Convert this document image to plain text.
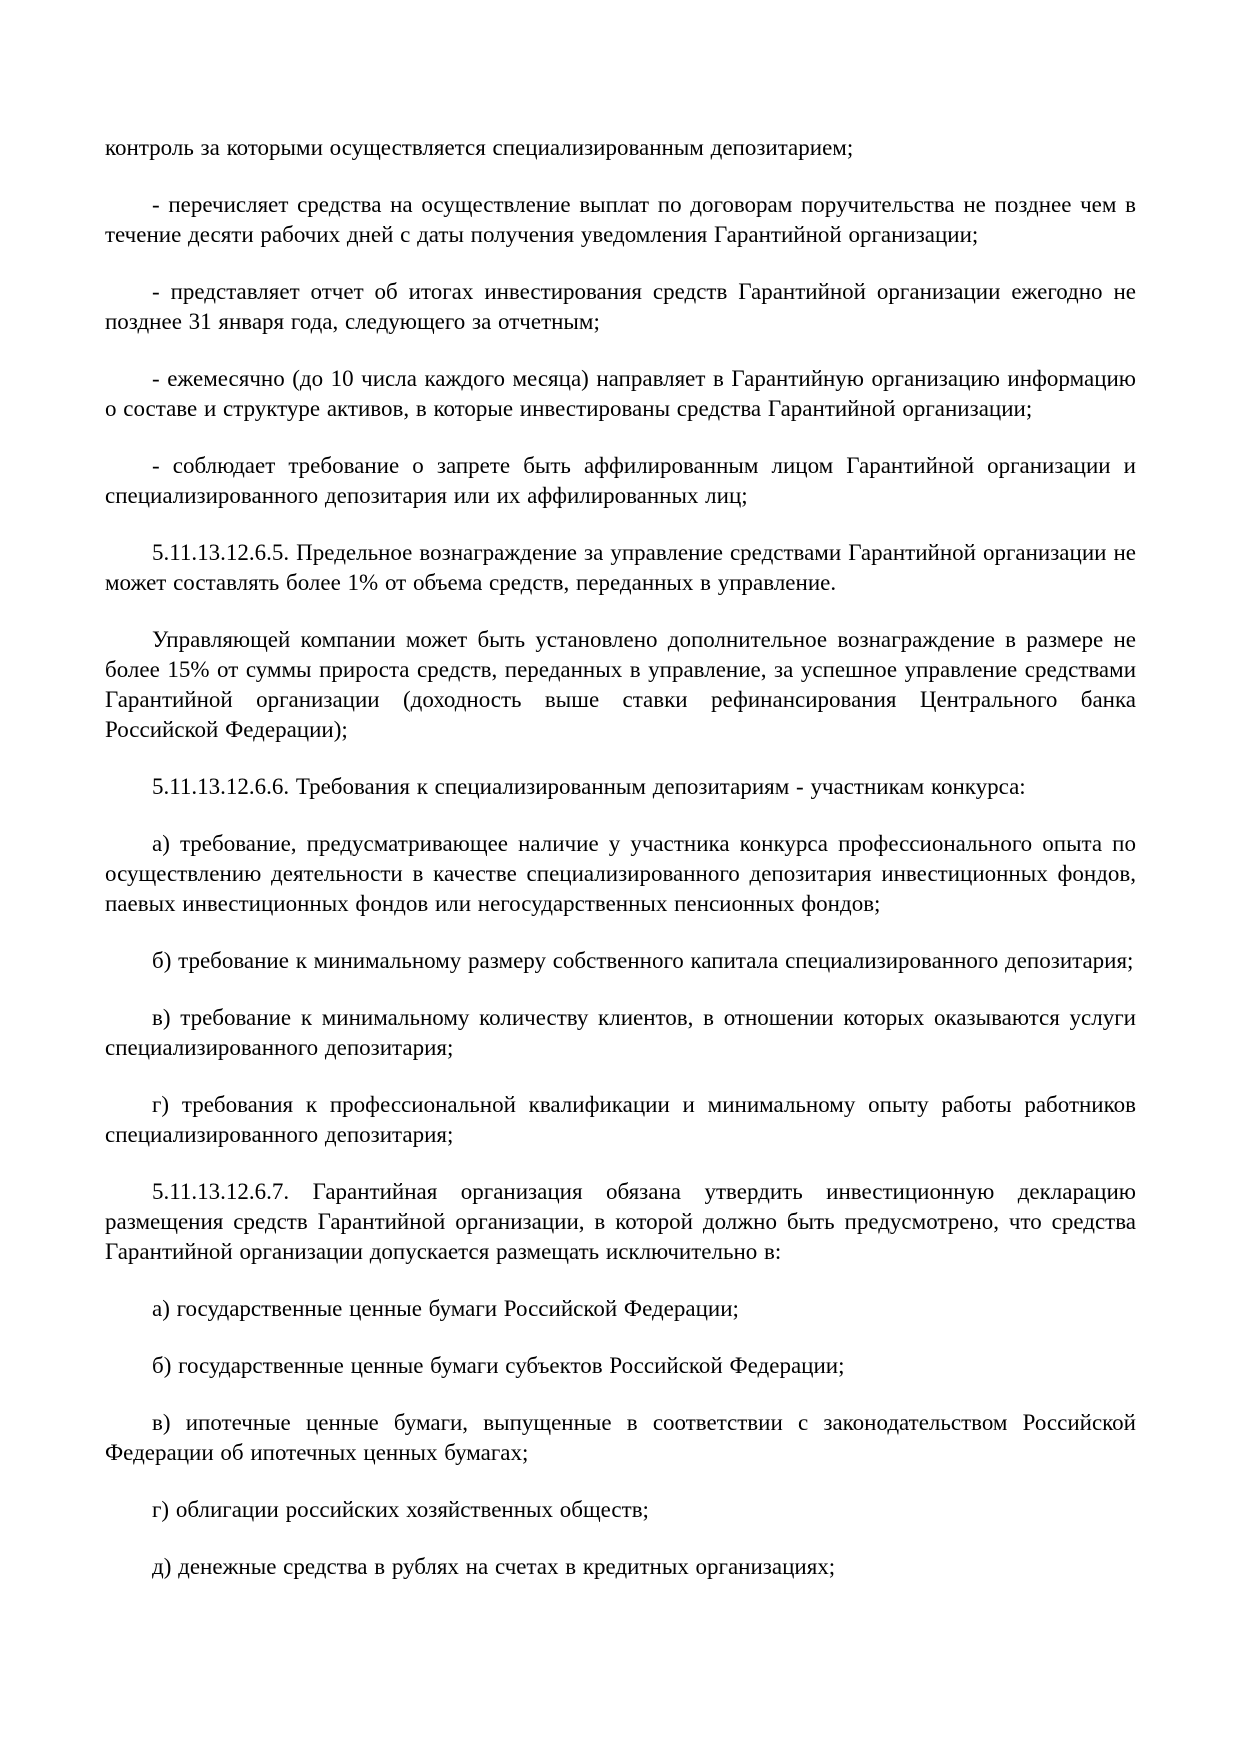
контроль за которыми осуществляется специализированным депозитарием;

- перечисляет средства на осуществление выплат по договорам поручительства не позднее чем в течение десяти рабочих дней с даты получения уведомления Гарантийной организации;

- представляет отчет об итогах инвестирования средств Гарантийной организации ежегодно не позднее 31 января года, следующего за отчетным;

- ежемесячно (до 10 числа каждого месяца) направляет в Гарантийную организацию информацию о составе и структуре активов, в которые инвестированы средства Гарантийной организации;

- соблюдает требование о запрете быть аффилированным лицом Гарантийной организации и специализированного депозитария или их аффилированных лиц;

5.11.13.12.6.5. Предельное вознаграждение за управление средствами Гарантийной организации не может составлять более 1% от объема средств, переданных в управление.

Управляющей компании может быть установлено дополнительное вознаграждение в размере не более 15% от суммы прироста средств, переданных в управление, за успешное управление средствами Гарантийной организации (доходность выше ставки рефинансирования Центрального банка Российской Федерации);

5.11.13.12.6.6. Требования к специализированным депозитариям - участникам конкурса:

а) требование, предусматривающее наличие у участника конкурса профессионального опыта по осуществлению деятельности в качестве специализированного депозитария инвестиционных фондов, паевых инвестиционных фондов или негосударственных пенсионных фондов;

б) требование к минимальному размеру собственного капитала специализированного депозитария;

в) требование к минимальному количеству клиентов, в отношении которых оказываются услуги специализированного депозитария;

г) требования к профессиональной квалификации и минимальному опыту работы работников специализированного депозитария;

5.11.13.12.6.7. Гарантийная организация обязана утвердить инвестиционную декларацию размещения средств Гарантийной организации, в которой должно быть предусмотрено, что средства Гарантийной организации допускается размещать исключительно в:

а) государственные ценные бумаги Российской Федерации;

б) государственные ценные бумаги субъектов Российской Федерации;

в) ипотечные ценные бумаги, выпущенные в соответствии с законодательством Российской Федерации об ипотечных ценных бумагах;

г) облигации российских хозяйственных обществ;

д) денежные средства в рублях на счетах в кредитных организациях;
